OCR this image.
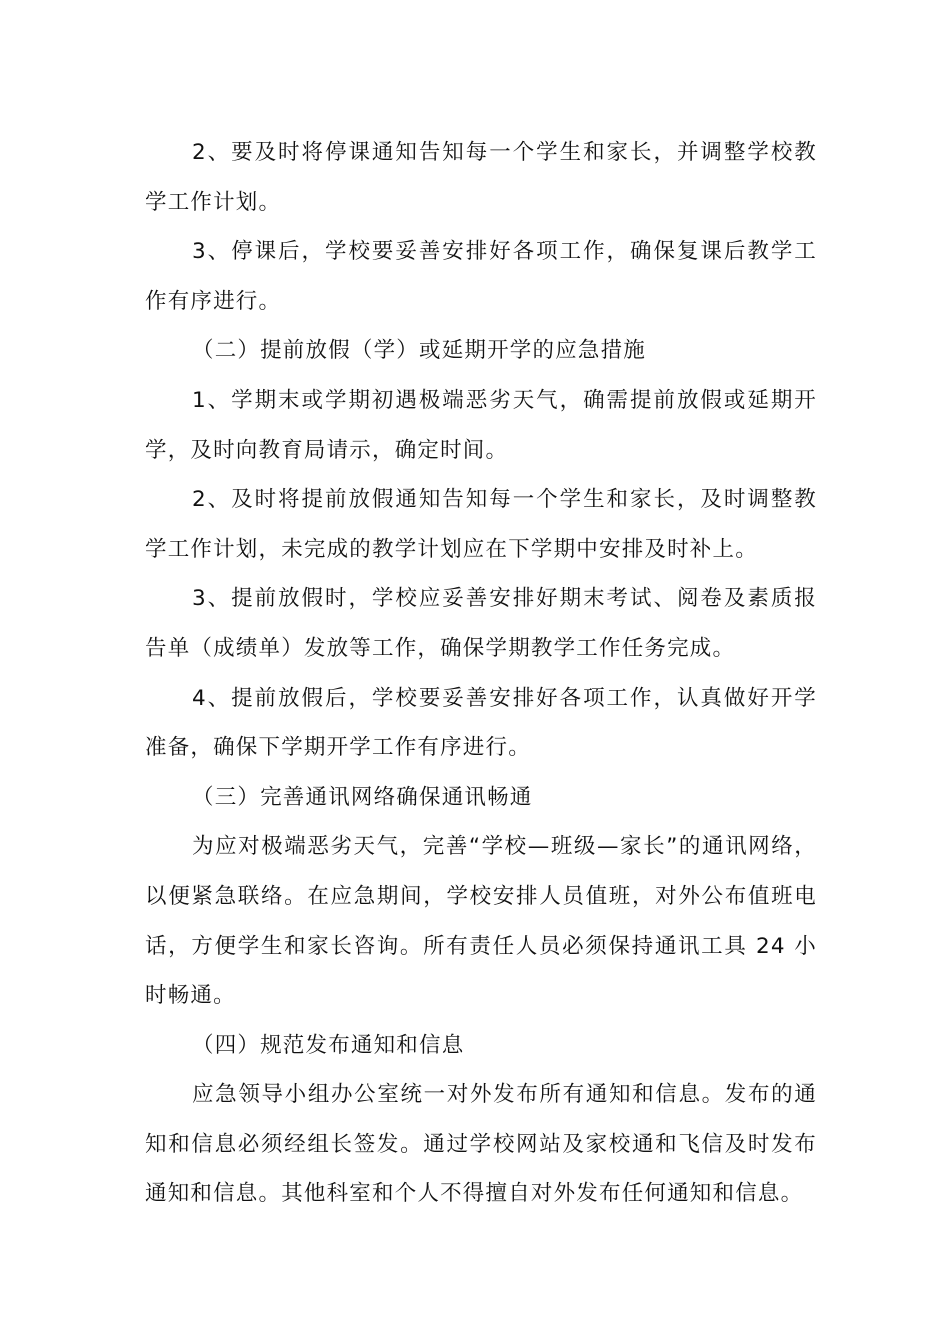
2、要及时将停课通知告知每一个学生和家长，并调整学校教学工作计划。

3、停课后，学校要妥善安排好各项工作，确保复课后教学工作有序进行。

（二）提前放假（学）或延期开学的应急措施

1、学期末或学期初遇极端恶劣天气，确需提前放假或延期开学，及时向教育局请示，确定时间。

2、及时将提前放假通知告知每一个学生和家长，及时调整教学工作计划，未完成的教学计划应在下学期中安排及时补上。

3、提前放假时，学校应妥善安排好期末考试、阅卷及素质报告单（成绩单）发放等工作，确保学期教学工作任务完成。

4、提前放假后，学校要妥善安排好各项工作，认真做好开学准备，确保下学期开学工作有序进行。

（三）完善通讯网络确保通讯畅通

为应对极端恶劣天气，完善“学校—班级—家长”的通讯网络，以便紧急联络。在应急期间，学校安排人员值班，对外公布值班电话，方便学生和家长咨询。所有责任人员必须保持通讯工具 24 小时畅通。

（四）规范发布通知和信息

应急领导小组办公室统一对外发布所有通知和信息。发布的通知和信息必须经组长签发。通过学校网站及家校通和飞信及时发布通知和信息。其他科室和个人不得擅自对外发布任何通知和信息。
